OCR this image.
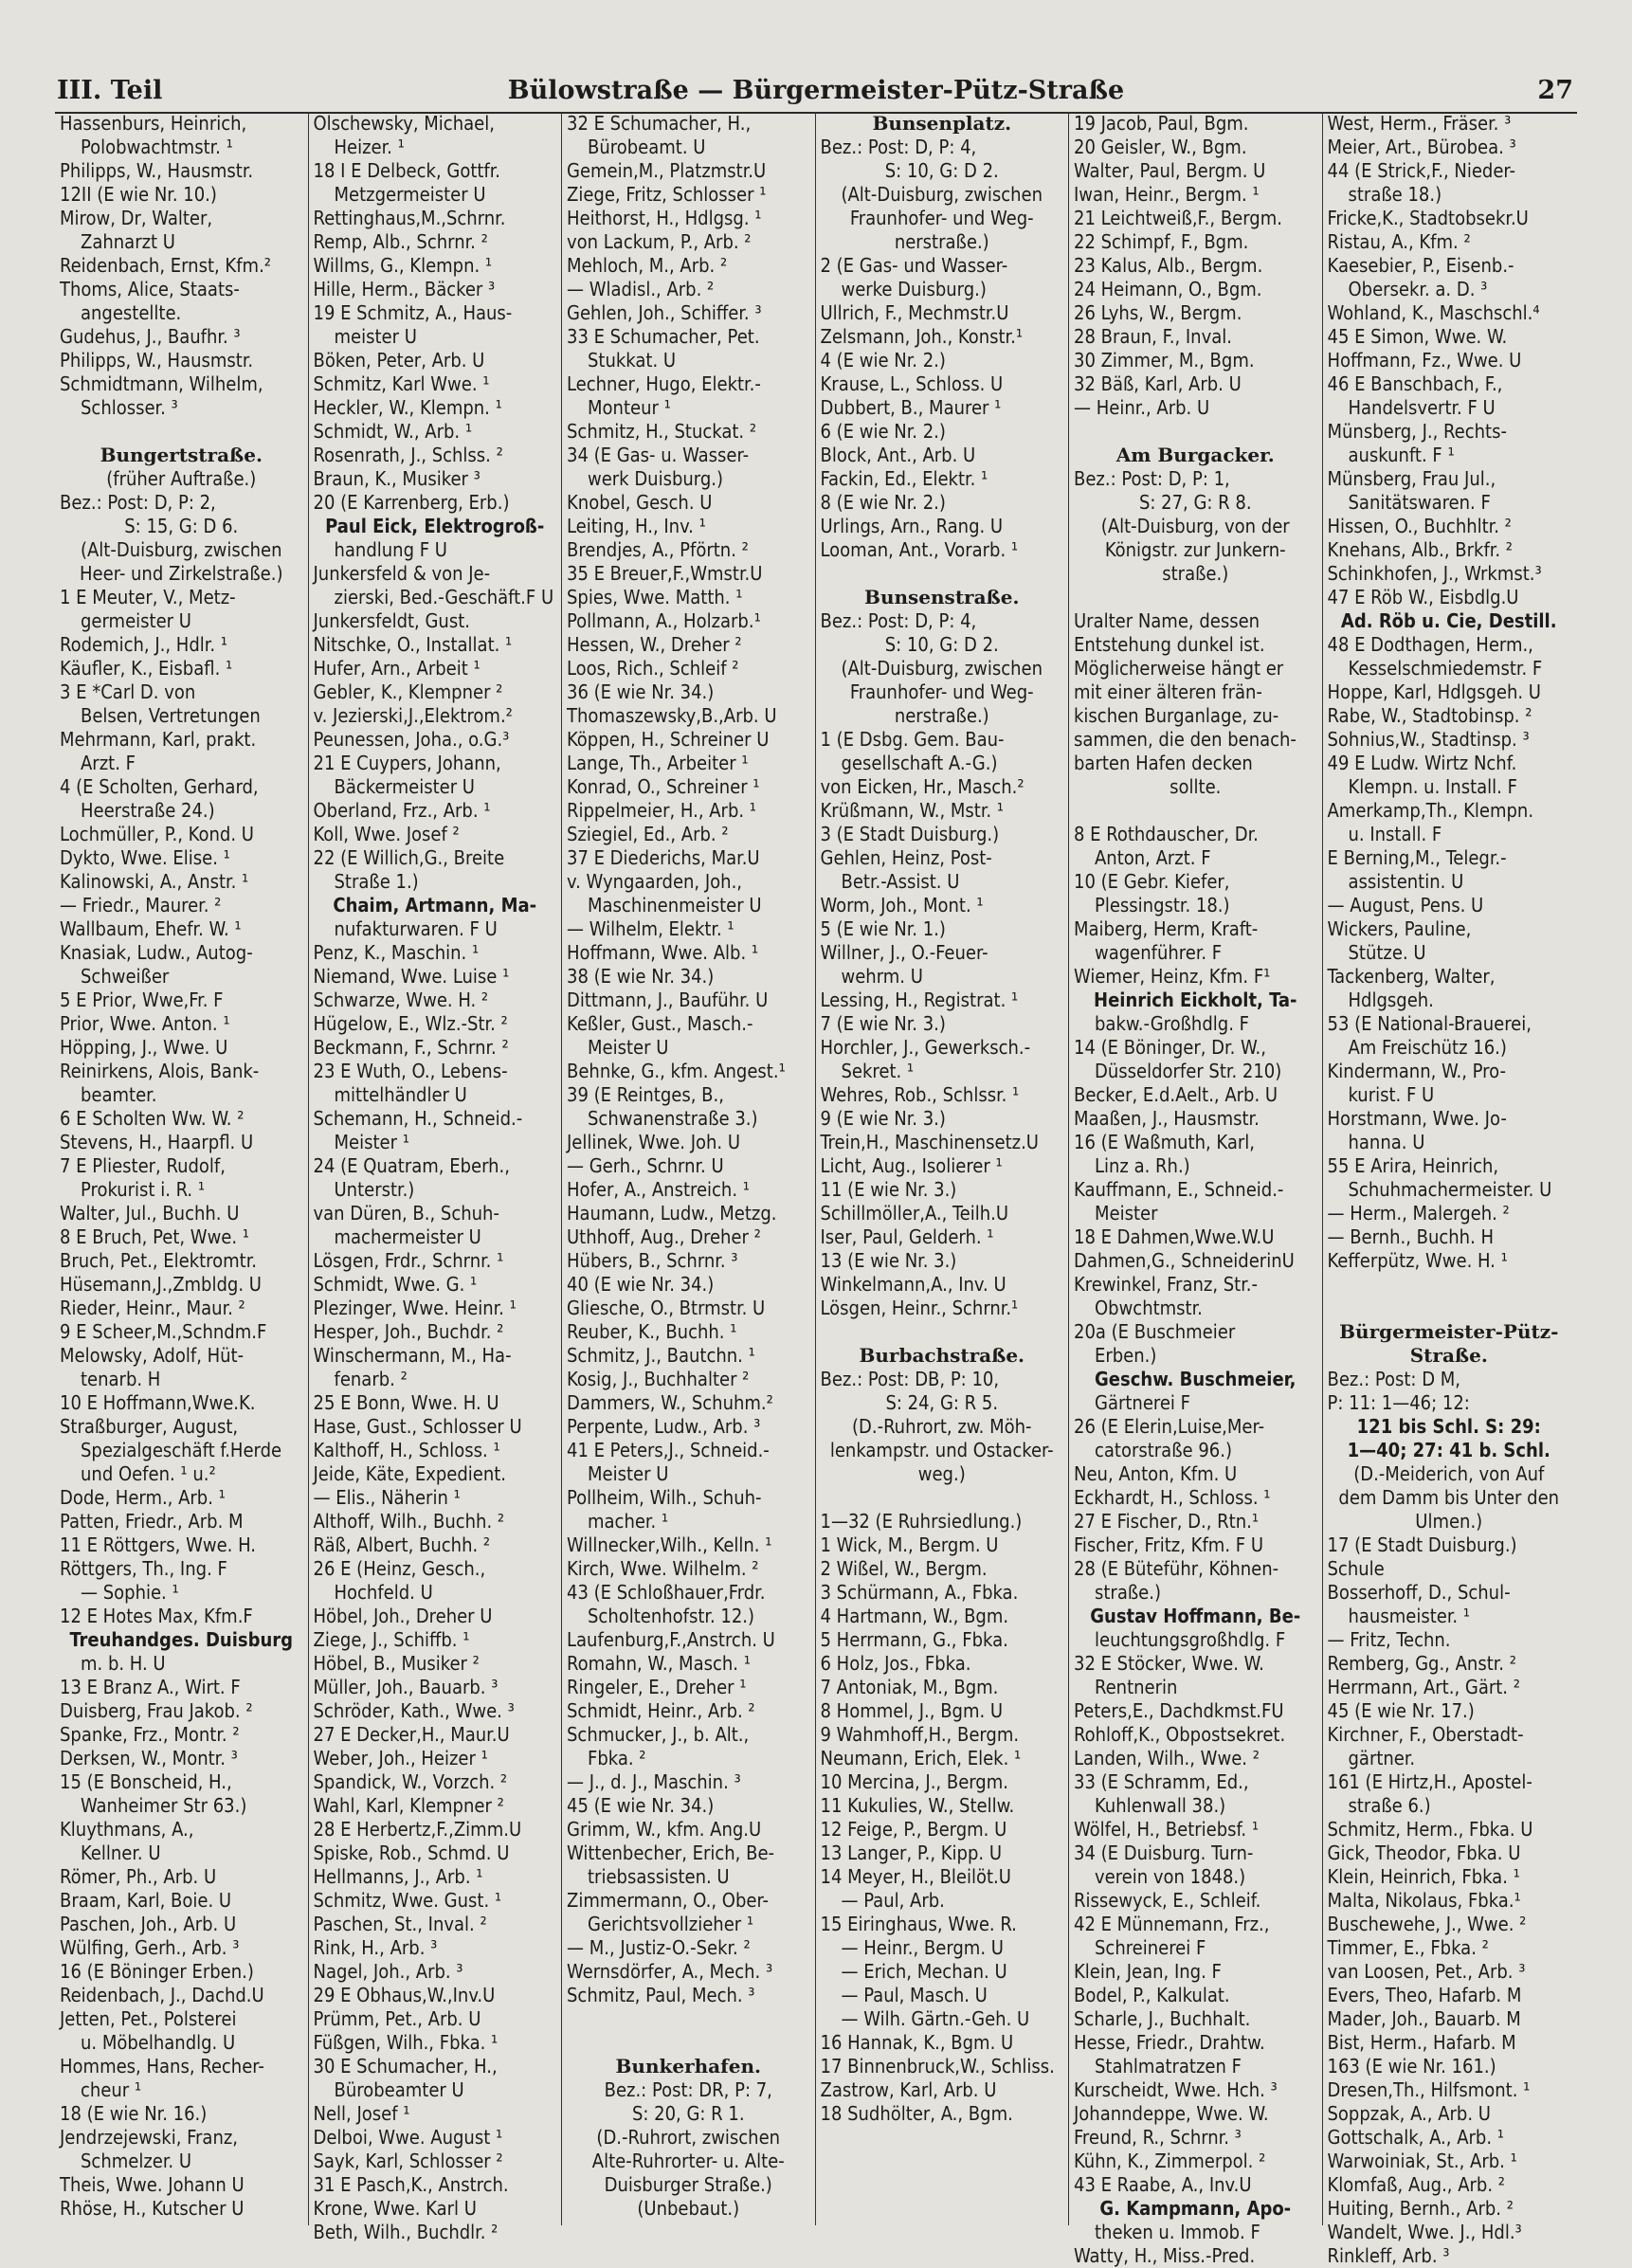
III. Teil	Bülowstraße — Bürgermeister-Pütz-Straße	27
Hassenburs, Heinrich,
Polobwachtmstr. ¹
Philipps, W., Hausmstr.
12II (E wie Nr. 10.)
Mirow, Dr, Walter,
Zahnarzt U
Reidenbach, Ernst, Kfm.²
Thoms, Alice, Staats-
angestellte.
Gudehus, J., Baufhr. ³
Philipps, W., Hausmstr.
Schmidtmann, Wilhelm,
Schlosser. ³
Bungertstraße.
(früher Auftraße.)
Bez.: Post: D, P: 2,
S: 15, G: D 6.
(Alt-Duisburg, zwischen
Heer- und Zirkelstraße.)
1 E Meuter, V., Metz-
germeister U
Rodemich, J., Hdlr. ¹
Käufler, K., Eisbafl. ¹
3 E *Carl D. von
Belsen, Vertretungen
Mehrmann, Karl, prakt.
Arzt. F
4 (E Scholten, Gerhard,
Heerstraße 24.)
Lochmüller, P., Kond. U
Dykto, Wwe. Elise. ¹
Kalinowski, A., Anstr. ¹
— Friedr., Maurer. ²
Wallbaum, Ehefr. W. ¹
Knasiak, Ludw., Autog-
Schweißer
5 E Prior, Wwe,Fr. F
Prior, Wwe. Anton. ¹
Höpping, J., Wwe. U
Reinirkens, Alois, Bank-
beamter.
6 E Scholten Ww. W. ²
Stevens, H., Haarpfl. U
7 E Pliester, Rudolf,
Prokurist i. R. ¹
Walter, Jul., Buchh. U
8 E Bruch, Pet, Wwe. ¹
Bruch, Pet., Elektromtr.
Hüsemann,J.,Zmbldg. U
Rieder, Heinr., Maur. ²
9 E Scheer,M.,Schndm.F
Melowsky, Adolf, Hüt-
tenarb. H
10 E Hoffmann,Wwe.K.
Straßburger, August,
Spezialgeschäft f.Herde
und Oefen. ¹ u.²
Dode, Herm., Arb. ¹
Patten, Friedr., Arb. M
11 E Röttgers, Wwe. H.
Röttgers, Th., Ing. F
— Sophie. ¹
12 E Hotes Max, Kfm.F
Treuhandges. Duisburg
m. b. H. U
13 E Branz A., Wirt. F
Duisberg, Frau Jakob. ²
Spanke, Frz., Montr. ²
Derksen, W., Montr. ³
15 (E Bonscheid, H.,
Wanheimer Str 63.)
Kluythmans, A.,
Kellner. U
Römer, Ph., Arb. U
Braam, Karl, Boie. U
Paschen, Joh., Arb. U
Wülfing, Gerh., Arb. ³
16 (E Böninger Erben.)
Reidenbach, J., Dachd.U
Jetten, Pet., Polsterei
u. Möbelhandlg. U
Hommes, Hans, Recher-
cheur ¹
18 (E wie Nr. 16.)
Jendrzejewski, Franz,
Schmelzer. U
Theis, Wwe. Johann U
Rhöse, H., Kutscher U
Olschewsky, Michael,
Heizer. ¹
18 I E Delbeck, Gottfr.
Metzgermeister U
Rettinghaus,M.,Schrnr.
Remp, Alb., Schrnr. ²
Willms, G., Klempn. ¹
Hille, Herm., Bäcker ³
19 E Schmitz, A., Haus-
meister U
Böken, Peter, Arb. U
Schmitz, Karl Wwe. ¹
Heckler, W., Klempn. ¹
Schmidt, W., Arb. ¹
Rosenrath, J., Schlss. ²
Braun, K., Musiker ³
20 (E Karrenberg, Erb.)
Paul Eick, Elektrogroß-
handlung F U
Junkersfeld & von Je-
zierski, Bed.-Geschäft.F U
Junkersfeldt, Gust.
Nitschke, O., Installat. ¹
Hufer, Arn., Arbeit ¹
Gebler, K., Klempner ²
v. Jezierski,J.,Elektrom.²
Peunessen, Joha., o.G.³
21 E Cuypers, Johann,
Bäckermeister U
Oberland, Frz., Arb. ¹
Koll, Wwe. Josef ²
22 (E Willich,G., Breite
Straße 1.)
Chaim, Artmann, Ma-
nufakturwaren. F U
Penz, K., Maschin. ¹
Niemand, Wwe. Luise ¹
Schwarze, Wwe. H. ²
Hügelow, E., Wlz.-Str. ²
Beckmann, F., Schrnr. ²
23 E Wuth, O., Lebens-
mittelhändler U
Schemann, H., Schneid.-
Meister ¹
24 (E Quatram, Eberh.,
Unterstr.)
van Düren, B., Schuh-
machermeister U
Lösgen, Frdr., Schrnr. ¹
Schmidt, Wwe. G. ¹
Plezinger, Wwe. Heinr. ¹
Hesper, Joh., Buchdr. ²
Winschermann, M., Ha-
fenarb. ²
25 E Bonn, Wwe. H. U
Hase, Gust., Schlosser U
Kalthoff, H., Schloss. ¹
Jeide, Käte, Expedient.
— Elis., Näherin ¹
Althoff, Wilh., Buchh. ²
Räß, Albert, Buchh. ²
26 E (Heinz, Gesch.,
Hochfeld. U
Höbel, Joh., Dreher U
Ziege, J., Schiffb. ¹
Höbel, B., Musiker ²
Müller, Joh., Bauarb. ³
Schröder, Kath., Wwe. ³
27 E Decker,H., Maur.U
Weber, Joh., Heizer ¹
Spandick, W., Vorzch. ²
Wahl, Karl, Klempner ²
28 E Herbertz,F.,Zimm.U
Spiske, Rob., Schmd. U
Hellmanns, J., Arb. ¹
Schmitz, Wwe. Gust. ¹
Paschen, St., Inval. ²
Rink, H., Arb. ³
Nagel, Joh., Arb. ³
29 E Obhaus,W.,Inv.U
Prümm, Pet., Arb. U
Füßgen, Wilh., Fbka. ¹
30 E Schumacher, H.,
Bürobeamter U
Nell, Josef ¹
Delboi, Wwe. August ¹
Sayk, Karl, Schlosser ²
31 E Pasch,K., Anstrch.
Krone, Wwe. Karl U
Beth, Wilh., Buchdlr. ²
32 E Schumacher, H.,
Bürobeamt. U
Gemein,M., Platzmstr.U
Ziege, Fritz, Schlosser ¹
Heithorst, H., Hdlgsg. ¹
von Lackum, P., Arb. ²
Mehloch, M., Arb. ²
— Wladisl., Arb. ²
Gehlen, Joh., Schiffer. ³
33 E Schumacher, Pet.
Stukkat. U
Lechner, Hugo, Elektr.-
Monteur ¹
Schmitz, H., Stuckat. ²
34 (E Gas- u. Wasser-
werk Duisburg.)
Knobel, Gesch. U
Leiting, H., Inv. ¹
Brendjes, A., Pförtn. ²
35 E Breuer,F.,Wmstr.U
Spies, Wwe. Matth. ¹
Pollmann, A., Holzarb.¹
Hessen, W., Dreher ²
Loos, Rich., Schleif ²
36 (E wie Nr. 34.)
Thomaszewsky,B.,Arb. U
Köppen, H., Schreiner U
Lange, Th., Arbeiter ¹
Konrad, O., Schreiner ¹
Rippelmeier, H., Arb. ¹
Sziegiel, Ed., Arb. ²
37 E Diederichs, Mar.U
v. Wyngaarden, Joh.,
Maschinenmeister U
— Wilhelm, Elektr. ¹
Hoffmann, Wwe. Alb. ¹
38 (E wie Nr. 34.)
Dittmann, J., Bauführ. U
Keßler, Gust., Masch.-
Meister U
Behnke, G., kfm. Angest.¹
39 (E Reintges, B.,
Schwanenstraße 3.)
Jellinek, Wwe. Joh. U
— Gerh., Schrnr. U
Hofer, A., Anstreich. ¹
Haumann, Ludw., Metzg.
Uthhoff, Aug., Dreher ²
Hübers, B., Schrnr. ³
40 (E wie Nr. 34.)
Gliesche, O., Btrmstr. U
Reuber, K., Buchh. ¹
Schmitz, J., Bautchn. ¹
Kosig, J., Buchhalter ²
Dammers, W., Schuhm.²
Perpente, Ludw., Arb. ³
41 E Peters,J., Schneid.-
Meister U
Pollheim, Wilh., Schuh-
macher. ¹
Willnecker,Wilh., Kelln. ¹
Kirch, Wwe. Wilhelm. ²
43 (E Schloßhauer,Frdr.
Scholtenhofstr. 12.)
Laufenburg,F.,Anstrch. U
Romahn, W., Masch. ¹
Ringeler, E., Dreher ¹
Schmidt, Heinr., Arb. ²
Schmucker, J., b. Alt.,
Fbka. ²
— J., d. J., Maschin. ³
45 (E wie Nr. 34.)
Grimm, W., kfm. Ang.U
Wittenbecher, Erich, Be-
triebsassisten. U
Zimmermann, O., Ober-
Gerichtsvollzieher ¹
— M., Justiz-O.-Sekr. ²
Wernsdörfer, A., Mech. ³
Schmitz, Paul, Mech. ³
Bunkerhafen.
Bez.: Post: DR, P: 7,
S: 20, G: R 1.
(D.-Ruhrort, zwischen
Alte-Ruhrorter- u. Alte-
Duisburger Straße.)
(Unbebaut.)
Bunsenplatz.
Bez.: Post: D, P: 4,
S: 10, G: D 2.
(Alt-Duisburg, zwischen
Fraunhofer- und Weg-
nerstraße.)
2 (E Gas- und Wasser-
werke Duisburg.)
Ullrich, F., Mechmstr.U
Zelsmann, Joh., Konstr.¹
4 (E wie Nr. 2.)
Krause, L., Schloss. U
Dubbert, B., Maurer ¹
6 (E wie Nr. 2.)
Block, Ant., Arb. U
Fackin, Ed., Elektr. ¹
8 (E wie Nr. 2.)
Urlings, Arn., Rang. U
Looman, Ant., Vorarb. ¹
Bunsenstraße.
Bez.: Post: D, P: 4,
S: 10, G: D 2.
(Alt-Duisburg, zwischen
Fraunhofer- und Weg-
nerstraße.)
1 (E Dsbg. Gem. Bau-
gesellschaft A.-G.)
von Eicken, Hr., Masch.²
Krüßmann, W., Mstr. ¹
3 (E Stadt Duisburg.)
Gehlen, Heinz, Post-
Betr.-Assist. U
Worm, Joh., Mont. ¹
5 (E wie Nr. 1.)
Willner, J., O.-Feuer-
wehrm. U
Lessing, H., Registrat. ¹
7 (E wie Nr. 3.)
Horchler, J., Gewerksch.-
Sekret. ¹
Wehres, Rob., Schlssr. ¹
9 (E wie Nr. 3.)
Trein,H., Maschinensetz.U
Licht, Aug., Isolierer ¹
11 (E wie Nr. 3.)
Schillmöller,A., Teilh.U
Iser, Paul, Gelderh. ¹
13 (E wie Nr. 3.)
Winkelmann,A., Inv. U
Lösgen, Heinr., Schrnr.¹
Burbachstraße.
Bez.: Post: DB, P: 10,
S: 24, G: R 5.
(D.-Ruhrort, zw. Möh-
lenkampstr. und Ostacker-
weg.)
1—32 (E Ruhrsiedlung.)
1 Wick, M., Bergm. U
2 Wißel, W., Bergm.
3 Schürmann, A., Fbka.
4 Hartmann, W., Bgm.
5 Herrmann, G., Fbka.
6 Holz, Jos., Fbka.
7 Antoniak, M., Bgm.
8 Hommel, J., Bgm. U
9 Wahmhoff,H., Bergm.
Neumann, Erich, Elek. ¹
10 Mercina, J., Bergm.
11 Kukulies, W., Stellw.
12 Feige, P., Bergm. U
13 Langer, P., Kipp. U
14 Meyer, H., Bleilöt.U
— Paul, Arb.
15 Eiringhaus, Wwe. R.
— Heinr., Bergm. U
— Erich, Mechan. U
— Paul, Masch. U
— Wilh. Gärtn.-Geh. U
16 Hannak, K., Bgm. U
17 Binnenbruck,W., Schliss.
Zastrow, Karl, Arb. U
18 Sudhölter, A., Bgm.
19 Jacob, Paul, Bgm.
20 Geisler, W., Bgm.
Walter, Paul, Bergm. U
Iwan, Heinr., Bergm. ¹
21 Leichtweiß,F., Bergm.
22 Schimpf, F., Bgm.
23 Kalus, Alb., Bergm.
24 Heimann, O., Bgm.
26 Lyhs, W., Bergm.
28 Braun, F., Inval.
30 Zimmer, M., Bgm.
32 Bäß, Karl, Arb. U
— Heinr., Arb. U
Am Burgacker.
Bez.: Post: D, P: 1,
S: 27, G: R 8.
(Alt-Duisburg, von der
Königstr. zur Junkern-
straße.)
Uralter Name, dessen
Entstehung dunkel ist.
Möglicherweise hängt er
mit einer älteren frän-
kischen Burganlage, zu-
sammen, die den benach-
barten Hafen decken
sollte.
8 E Rothdauscher, Dr.
Anton, Arzt. F
10 (E Gebr. Kiefer,
Plessingstr. 18.)
Maiberg, Herm, Kraft-
wagenführer. F
Wiemer, Heinz, Kfm. F¹
Heinrich Eickholt, Ta-
bakw.-Großhdlg. F
14 (E Böninger, Dr. W.,
Düsseldorfer Str. 210)
Becker, E.d.Aelt., Arb. U
Maaßen, J., Hausmstr.
16 (E Waßmuth, Karl,
Linz a. Rh.)
Kauffmann, E., Schneid.-
Meister
18 E Dahmen,Wwe.W.U
Dahmen,G., SchneiderinU
Krewinkel, Franz, Str.-
Obwchtmstr.
20a (E Buschmeier
Erben.)
Geschw. Buschmeier,
Gärtnerei F
26 (E Elerin,Luise,Mer-
catorstraße 96.)
Neu, Anton, Kfm. U
Eckhardt, H., Schloss. ¹
27 E Fischer, D., Rtn.¹
Fischer, Fritz, Kfm. F U
28 (E Büteführ, Köhnen-
straße.)
Gustav Hoffmann, Be-
leuchtungsgroßhdlg. F
32 E Stöcker, Wwe. W.
Rentnerin
Peters,E., Dachdkmst.FU
Rohloff,K., Obpostsekret.
Landen, Wilh., Wwe. ²
33 (E Schramm, Ed.,
Kuhlenwall 38.)
Wölfel, H., Betriebsf. ¹
34 (E Duisburg. Turn-
verein von 1848.)
Rissewyck, E., Schleif.
42 E Münnemann, Frz.,
Schreinerei F
Klein, Jean, Ing. F
Bodel, P., Kalkulat.
Scharle, J., Buchhalt.
Hesse, Friedr., Drahtw.
Stahlmatratzen F
Kurscheidt, Wwe. Hch. ³
Johanndeppe, Wwe. W.
Freund, R., Schrnr. ³
Kühn, K., Zimmerpol. ²
43 E Raabe, A., Inv.U
G. Kampmann, Apo-
theken u. Immob. F
Watty, H., Miss.-Pred.
West, Herm., Fräser. ³
Meier, Art., Bürobea. ³
44 (E Strick,F., Nieder-
straße 18.)
Fricke,K., Stadtobsekr.U
Ristau, A., Kfm. ²
Kaesebier, P., Eisenb.-
Obersekr. a. D. ³
Wohland, K., Maschschl.⁴
45 E Simon, Wwe. W.
Hoffmann, Fz., Wwe. U
46 E Banschbach, F.,
Handelsvertr. F U
Münsberg, J., Rechts-
auskunft. F ¹
Münsberg, Frau Jul.,
Sanitätswaren. F
Hissen, O., Buchhltr. ²
Knehans, Alb., Brkfr. ²
Schinkhofen, J., Wrkmst.³
47 E Röb W., Eisbdlg.U
Ad. Röb u. Cie, Destill.
48 E Dodthagen, Herm.,
Kesselschmiedemstr. F
Hoppe, Karl, Hdlgsgeh. U
Rabe, W., Stadtobinsp. ²
Sohnius,W., Stadtinsp. ³
49 E Ludw. Wirtz Nchf.
Klempn. u. Install. F
Amerkamp,Th., Klempn.
u. Install. F
E Berning,M., Telegr.-
assistentin. U
— August, Pens. U
Wickers, Pauline,
Stütze. U
Tackenberg, Walter,
Hdlgsgeh.
53 (E National-Brauerei,
Am Freischütz 16.)
Kindermann, W., Pro-
kurist. F U
Horstmann, Wwe. Jo-
hanna. U
55 E Arira, Heinrich,
Schuhmachermeister. U
— Herm., Malergeh. ²
— Bernh., Buchh. H
Kefferpütz, Wwe. H. ¹
Bürgermeister-Pütz-
Straße.
Bez.: Post: D M,
P: 11: 1—46; 12:
121 bis Schl. S: 29:
1—40; 27: 41 b. Schl.
(D.-Meiderich, von Auf
dem Damm bis Unter den
Ulmen.)
17 (E Stadt Duisburg.)
Schule
Bosserhoff, D., Schul-
hausmeister. ¹
— Fritz, Techn.
Remberg, Gg., Anstr. ²
Herrmann, Art., Gärt. ²
45 (E wie Nr. 17.)
Kirchner, F., Oberstadt-
gärtner.
161 (E Hirtz,H., Apostel-
straße 6.)
Schmitz, Herm., Fbka. U
Gick, Theodor, Fbka. U
Klein, Heinrich, Fbka. ¹
Malta, Nikolaus, Fbka.¹
Buschewehe, J., Wwe. ²
Timmer, E., Fbka. ²
van Loosen, Pet., Arb. ³
Evers, Theo, Hafarb. M
Mader, Joh., Bauarb. M
Bist, Herm., Hafarb. M
163 (E wie Nr. 161.)
Dresen,Th., Hilfsmont. ¹
Soppzak, A., Arb. U
Gottschalk, A., Arb. ¹
Warwoiniak, St., Arb. ¹
Klomfaß, Aug., Arb. ²
Huiting, Bernh., Arb. ²
Wandelt, Wwe. J., Hdl.³
Rinkleff, Arb. ³
